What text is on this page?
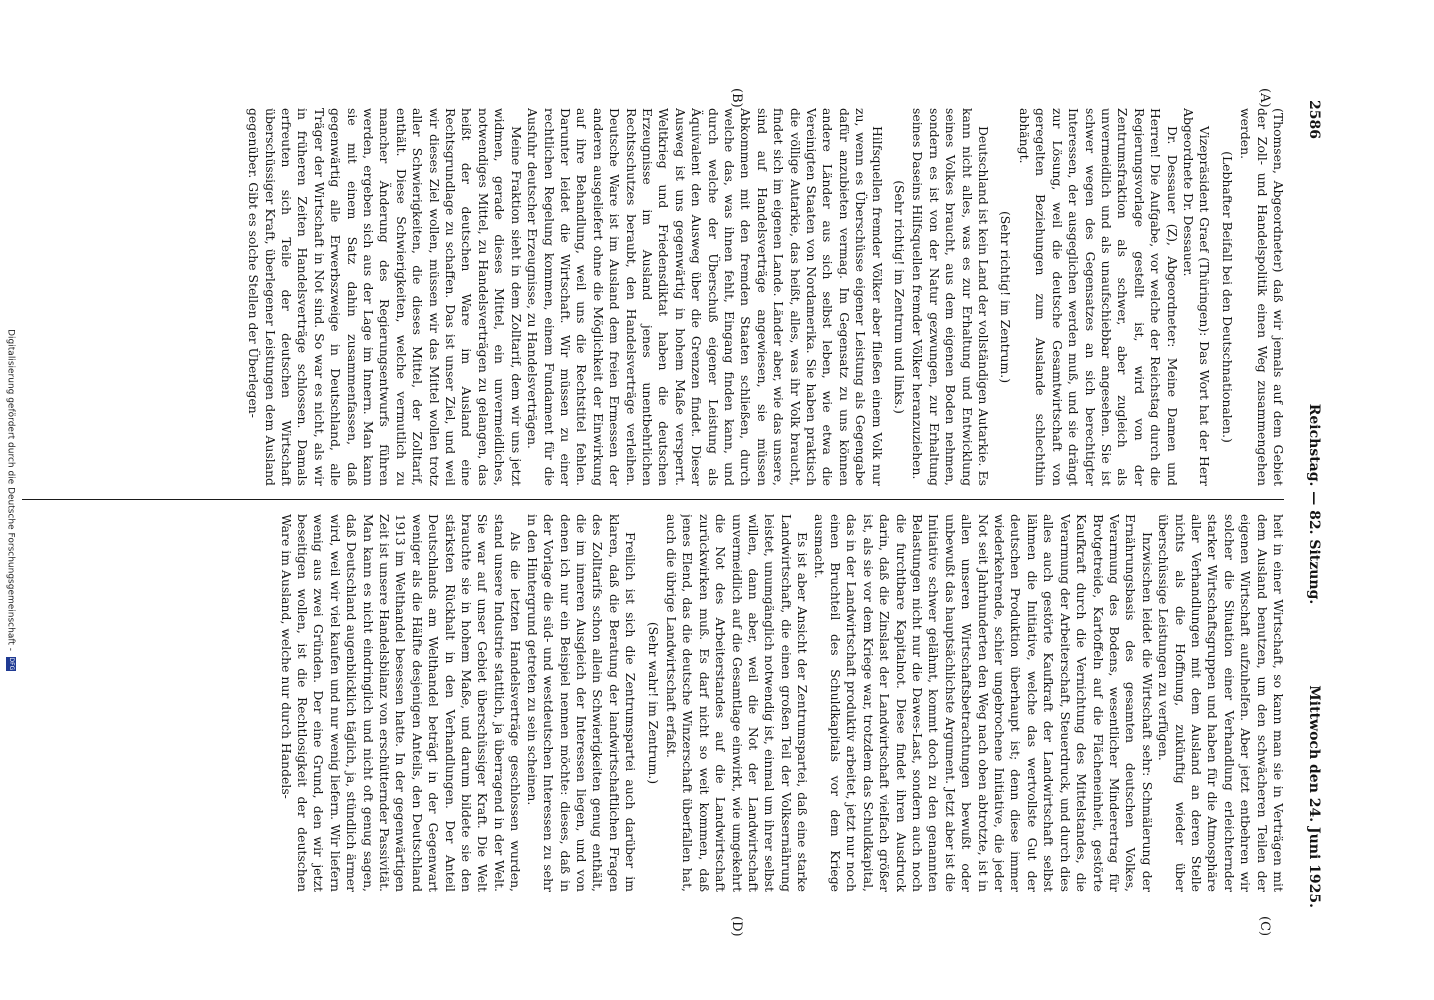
2586
Reichstag. — 82. Sitzung.
Mittwoch den 24. Juni 1925.
(A)
(B)
(C)
(D)

(Thomsen, Abgeordneter) daß wir jemals auf dem Gebiet der Zoll- und Handelspolitik einen Weg zusammengehen werden.

(Lebhafter Beifall bei den Deutschnationalen.)

Vizepräsident Graef (Thüringen): Das Wort hat der Herr Abgeordnete Dr. Dessauer.

Dr. Dessauer (Z), Abgeordneter: Meine Damen und Herren! Die Aufgabe, vor welche der Reichstag durch die Regierungsvorlage gestellt ist, wird von der Zentrumsfraktion als schwer, aber zugleich als unvermeidlich und als unaufschiebbar angesehen. Sie ist schwer wegen des Gegensatzes an sich berechtigter Interessen, der ausgeglichen werden muß, und sie drängt zur Lösung, weil die deutsche Gesamtwirtschaft von geregelten Beziehungen zum Auslande schlechthin abhängt.

(Sehr richtig! im Zentrum.)

Deutschland ist kein Land der vollständigen Autarkie. Es kann nicht alles, was es zur Erhaltung und Entwicklung seines Volkes braucht, aus dem eigenen Boden nehmen, sondern es ist von der Natur gezwungen, zur Erhaltung seines Daseins Hilfsquellen fremder Völker heranzuziehen.

(Sehr richtig! im Zentrum und links.)

Hilfsquellen fremder Völker aber fließen einem Volk nur zu, wenn es Überschüsse eigener Leistung als Gegengabe dafür anzubieten vermag. Im Gegensatz zu uns können andere Länder aus sich selbst leben, wie etwa die Vereinigten Staaten von Nordamerika. Sie haben praktisch die völlige Autarkie, das heißt, alles, was ihr Volk braucht, findet sich im eigenen Lande. Länder aber, wie das unsere, sind auf Handelsverträge angewiesen, sie müssen Abkommen mit den fremden Staaten schließen, durch welche das, was ihnen fehlt, Eingang finden kann, und durch welche der Überschuß eigener Leistung als Äquivalent den Ausweg über die Grenzen findet. Dieser Ausweg ist uns gegenwärtig in hohem Maße versperrt. Weltkrieg und Friedensdiktat haben die deutschen Erzeugnisse im Ausland jenes unentbehrlichen Rechtsschutzes beraubt, den Handelsverträge verleihen. Deutsche Ware ist im Ausland dem freien Ermessen der anderen ausgeliefert ohne die Möglichkeit der Einwirkung auf ihre Behandlung, weil uns die Rechtstitel fehlen. Darunter leidet die Wirtschaft. Wir müssen zu einer rechtlichen Regelung kommen, einem Fundament für die Ausfuhr deutscher Erzeugnisse, zu Handelsverträgen.

Meine Fraktion sieht in dem Zolltarif, dem wir uns jetzt widmen, gerade dieses Mittel, ein unvermeidliches, notwendiges Mittel, zu Handelsverträgen zu gelangen, das heißt der deutschen Ware im Ausland eine Rechtsgrundlage zu schaffen. Das ist unser Ziel, und weil wir dieses Ziel wollen, müssen wir das Mittel wollen trotz aller Schwierigkeiten, die dieses Mittel, der Zolltarif, enthält. Diese Schwierigkeiten, welche vermutlich zu mancher Änderung des Regierungsentwurfs führen werden, ergeben sich aus der Lage im Innern. Man kann sie mit einem Satz dahin zusammenfassen, daß gegenwärtig alle Erwerbszweige in Deutschland, alle Träger der Wirtschaft in Not sind. So war es nicht, als wir in früheren Zeiten Handelsverträge schlossen. Damals erfreuten sich Teile der deutschen Wirtschaft überschüssiger Kraft, überlegener Leistungen dem Ausland gegenüber. Gibt es solche Stellen der Überlegen-

heit in einer Wirtschaft, so kann man sie in Verträgen mit dem Ausland benutzen, um den schwächeren Teilen der eigenen Wirtschaft aufzuhelfen. Aber jetzt entbehren wir solcher die Situation einer Verhandlung erleichternder starker Wirtschaftsgruppen und haben für die Atmosphäre aller Verhandlungen mit dem Ausland an deren Stelle nichts als die Hoffnung, zukünftig wieder über überschüssige Leistungen zu verfügen.

Inzwischen leidet die Wirtschaft sehr: Schmälerung der Ernährungsbasis des gesamten deutschen Volkes, Verarmung des Bodens, wesentlicher Minderertrag für Brotgetreide, Kartoffeln auf die Flächeneinheit, gestörte Kaufkraft durch die Vernichtung des Mittelstandes, die Verarmung der Arbeiterschaft, Steuerdruck, und durch dies alles auch gestörte Kaufkraft der Landwirtschaft selbst lähmen die Initiative, welche das wertvollste Gut der deutschen Produktion überhaupt ist; denn diese immer wiederkehrende, schier ungebrochene Initiative, die jeder Not seit Jahrhunderten den Weg nach oben abtrotzte, ist in allen unseren Wirtschaftsbetrachtungen bewußt oder unbewußt das hauptsächlichste Argument. Jetzt aber ist die Initiative schwer gelähmt, kommt doch zu den genannten Belastungen nicht nur die Dawes-Last, sondern auch noch die furchtbare Kapitalnot. Diese findet ihren Ausdruck darin, daß die Zinslast der Landwirtschaft vielfach größer ist, als sie vor dem Kriege war, trotzdem das Schuldkapital, das in der Landwirtschaft produktiv arbeitet, jetzt nur noch einen Bruchteil des Schuldkapitals vor dem Kriege ausmacht.

Es ist aber Ansicht der Zentrumspartei, daß eine starke Landwirtschaft, die einen großen Teil der Volksernährung leistet, unumgänglich notwendig ist, einmal um ihrer selbst willen, dann aber, weil die Not der Landwirtschaft unvermeidlich auf die Gesamtlage einwirkt, wie umgekehrt die Not des Arbeiterstandes auf die Landwirtschaft zurückwirken muß. Es darf nicht so weit kommen, daß jenes Elend, das die deutsche Winzerschaft überfallen hat, auch die übrige Landwirtschaft erfaßt.

(Sehr wahr! im Zentrum.)

Freilich ist sich die Zentrumspartei auch darüber im klaren, daß die Beratung der landwirtschaftlichen Fragen des Zolltarifs schon allein Schwierigkeiten genug enthält, die im inneren Ausgleich der Interessen liegen, und von denen ich nur ein Beispiel nennen möchte: dieses, daß in der Vorlage die süd- und westdeutschen Interessen zu sehr in den Hintergrund getreten zu sein scheinen.

Als die letzten Handelsverträge geschlossen wurden, stand unsere Industrie stattlich, ja überragend in der Welt. Sie war auf unser Gebiet überschüssiger Kraft. Die Welt brauchte sie in hohem Maße, und darum bildete sie den stärksten Rückhalt in den Verhandlungen. Der Anteil Deutschlands am Welthandel beträgt in der Gegenwart weniger als die Hälfte desjenigen Anteils, den Deutschland 1913 im Welthandel besessen hatte. In der gegenwärtigen Zeit ist unsere Handelsbilanz von erschütternder Passivität. Man kann es nicht eindringlich und nicht oft genug sagen, daß Deutschland augenblicklich täglich, ja, stündlich ärmer wird, weil wir viel kaufen und nur wenig liefern. Wir liefern wenig aus zwei Gründen. Der eine Grund, den wir jetzt beseitigen wollen, ist die Rechtlosigkeit der deutschen Ware im Ausland, welche nur durch Handels-

Digitalisierung gefördert durch die Deutsche Forschungsgemeinschaft - DFG
